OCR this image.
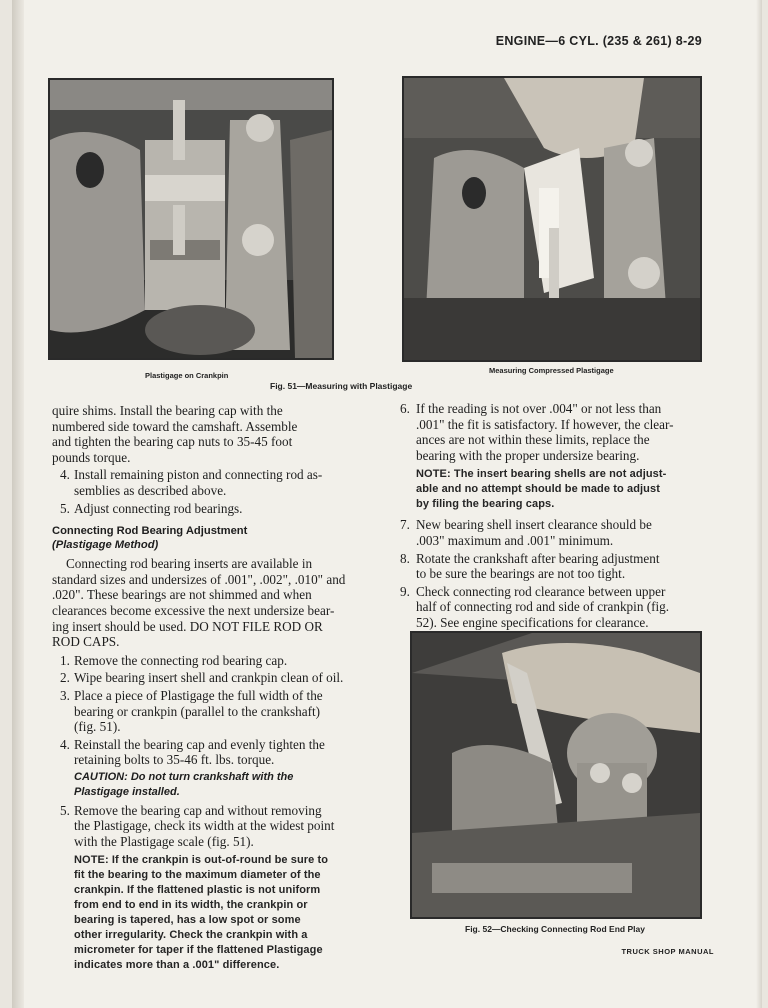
ENGINE—6 CYL. (235 & 261) 8-29
Plastigage on Crankpin
Measuring Compressed Plastigage
Fig. 51—Measuring with Plastigage

quire shims. Install the bearing cap with the

numbered side toward the camshaft. Assemble

and tighten the bearing cap nuts to 35-45 foot

pounds torque.

4. Install remaining piston and connecting rod as-

semblies as described above.

5. Adjust connecting rod bearings.

Connecting Rod Bearing Adjustment

(Plastigage Method)

Connecting rod bearing inserts are available in

standard sizes and undersizes of .001", .002", .010" and

.020". These bearings are not shimmed and when

clearances become excessive the next undersize bear-

ing insert should be used. DO NOT FILE ROD OR

ROD CAPS.

1. Remove the connecting rod bearing cap.

2. Wipe bearing insert shell and crankpin clean of oil.

3. Place a piece of Plastigage the full width of the

bearing or crankpin (parallel to the crankshaft)

(fig. 51).

4. Reinstall the bearing cap and evenly tighten the

retaining bolts to 35-46 ft. lbs. torque.

CAUTION: Do not turn crankshaft with the

Plastigage installed.

5. Remove the bearing cap and without removing

the Plastigage, check its width at the widest point

with the Plastigage scale (fig. 51).

NOTE: If the crankpin is out-of-round be sure to

fit the bearing to the maximum diameter of the

crankpin. If the flattened plastic is not uniform

from end to end in its width, the crankpin or

bearing is tapered, has a low spot or some

other irregularity. Check the crankpin with a

micrometer for taper if the flattened Plastigage

indicates more than a .001" difference.

6. If the reading is not over .004" or not less than

.001" the fit is satisfactory. If however, the clear-

ances are not within these limits, replace the

bearing with the proper undersize bearing.

NOTE: The insert bearing shells are not adjust-

able and no attempt should be made to adjust

by filing the bearing caps.

7. New bearing shell insert clearance should be

.003" maximum and .001" minimum.

8. Rotate the crankshaft after bearing adjustment

to be sure the bearings are not too tight.

9. Check connecting rod clearance between upper

half of connecting rod and side of crankpin (fig.

52). See engine specifications for clearance.

Fig. 52—Checking Connecting Rod End Play
TRUCK SHOP MANUAL
